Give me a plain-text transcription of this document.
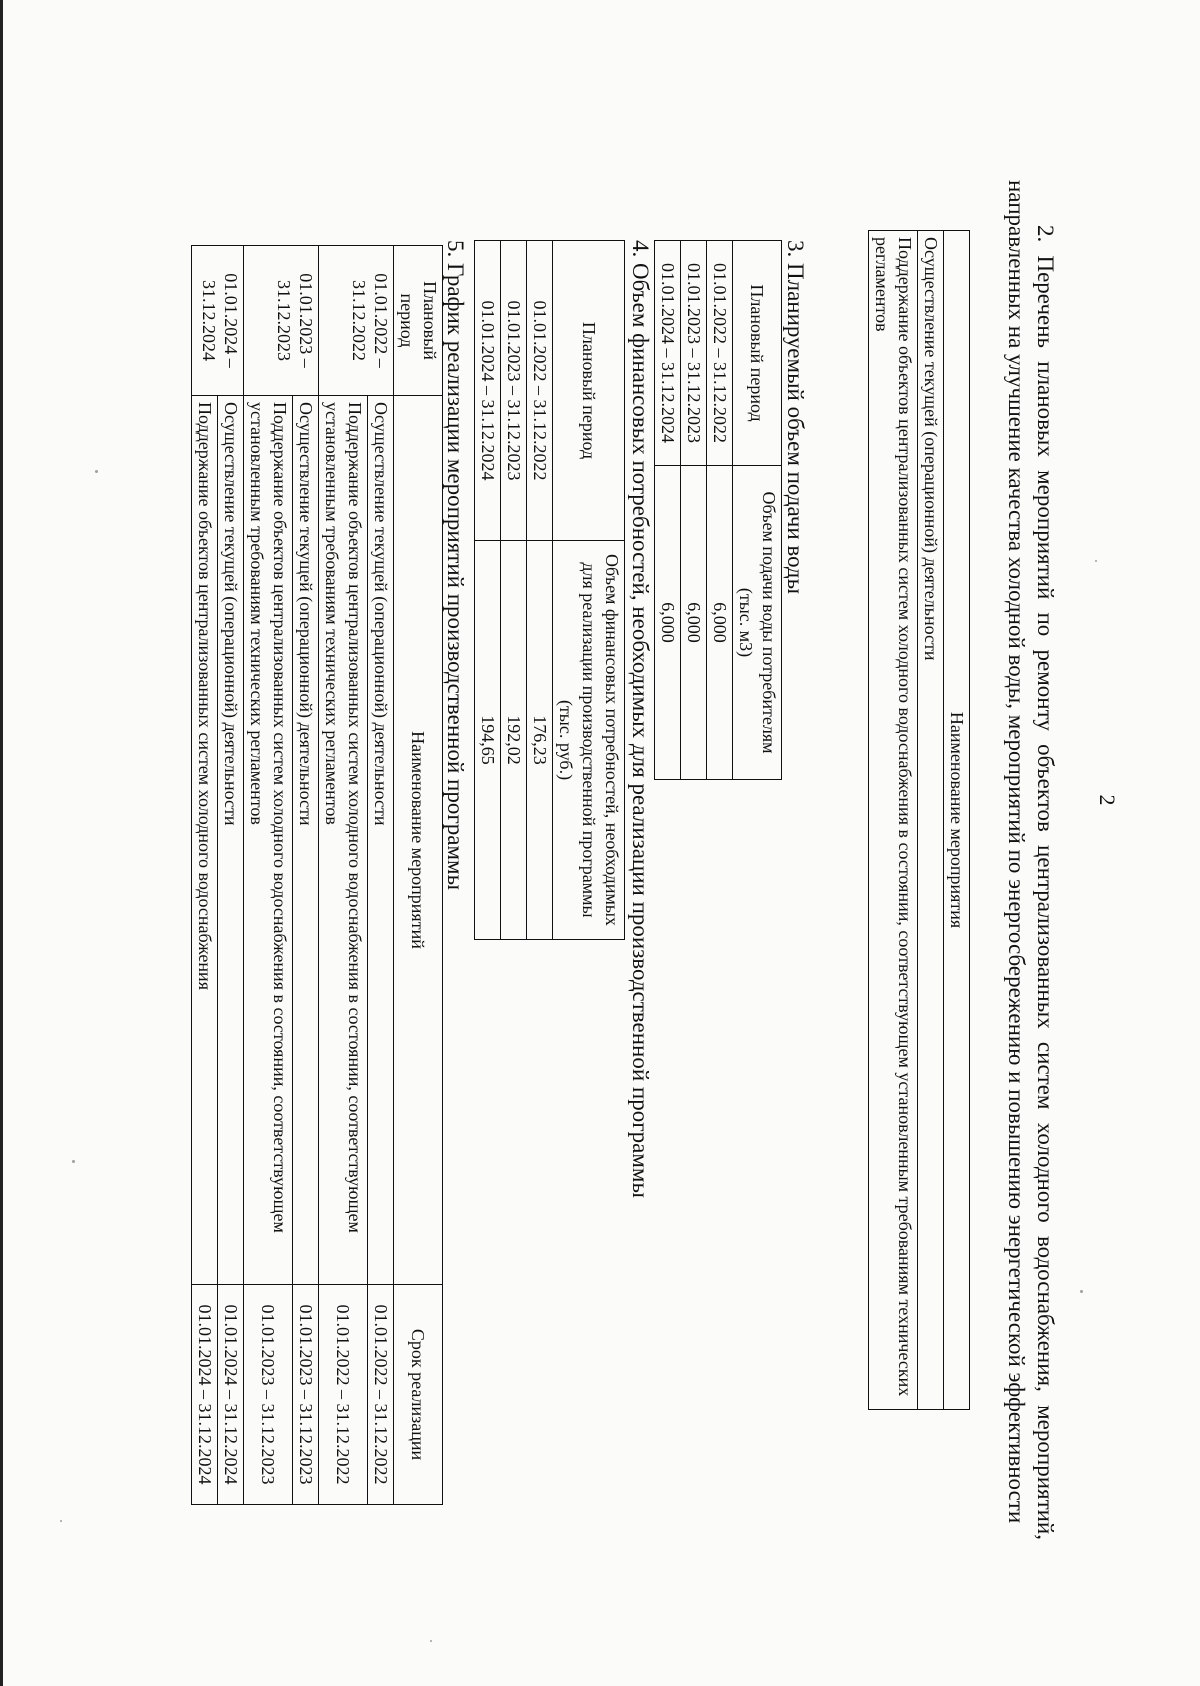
2
2. Перечень плановых мероприятий по ремонту объектов централизованных систем холодного водоснабжения, мероприятий, направленных на улучшение качества холодной воды, мероприятий по энергосбережению и повышению энергетической эффективности
Наименование мероприятия
Осуществление текущей (операционной) деятельности
Поддержание объектов централизованных систем холодного водоснабжения в состоянии, соответствующем установленным требованиям технических регламентов
3. Планируемый объем подачи воды
Плановый период	Объем подачи воды потребителям (тыс. м3)
01.01.2022 – 31.12.2022	6,000
01.01.2023 – 31.12.2023	6,000
01.01.2024 – 31.12.2024	6,000
4. Объем финансовых потребностей, необходимых для реализации производственной программы
Плановый период	Объем финансовых потребностей, необходимых для реализации производственной программы (тыс. руб.)
01.01.2022 – 31.12.2022	176,23
01.01.2023 – 31.12.2023	192,02
01.01.2024 – 31.12.2024	194,65
5. График реализации мероприятий производственной программы
Плановый период	Наименование мероприятий	Срок реализации
01.01.2022 – 31.12.2022	Осуществление текущей (операционной) деятельности	01.01.2022 – 31.12.2022
	Поддержание объектов централизованных систем холодного водоснабжения в состоянии, соответствующем установленным требованиям технических регламентов	01.01.2022 – 31.12.2022
01.01.2023 – 31.12.2023	Осуществление текущей (операционной) деятельности	01.01.2023 – 31.12.2023
	Поддержание объектов централизованных систем холодного водоснабжения в состоянии, соответствующем установленным требованиям технических регламентов	01.01.2023 – 31.12.2023
01.01.2024 – 31.12.2024	Осуществление текущей (операционной) деятельности	01.01.2024 – 31.12.2024
	Поддержание объектов централизованных систем холодного водоснабжения	01.01.2024 – 31.12.2024
